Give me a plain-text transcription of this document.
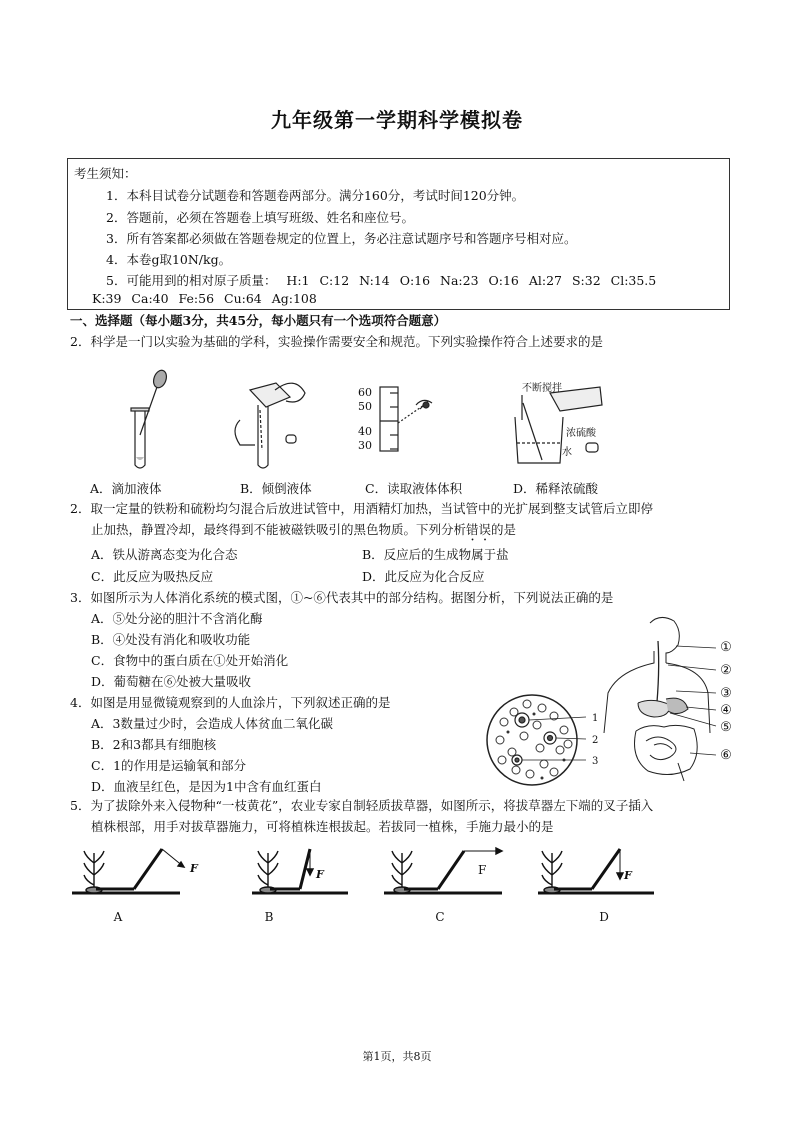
九年级第一学期科学模拟卷
考生须知：
1．本科目试卷分试题卷和答题卷两部分。满分160分，考试时间120分钟。
2．答题前，必须在答题卷上填写班级、姓名和座位号。
3．所有答案都必须做在答题卷规定的位置上，务必注意试题序号和答题序号相对应。
4．本卷g取10N/kg。
5．可能用到的相对原子质量： H:1 C:12 N:14 O:16 Na:23 O:16 Al:27 S:32 Cl:35.5
K:39 Ca:40 Fe:56 Cu:64 Ag:108
一、选择题（每小题3分，共45分，每小题只有一个选项符合题意）
2．科学是一门以实验为基础的学科，实验操作需要安全和规范。下列实验操作符合上述要求的是
60
50
40
30
不断搅拌
浓硫酸
水
A．滴加液体	B．倾倒液体	C．读取液体体积	D．稀释浓硫酸
2．取一定量的铁粉和硫粉均匀混合后放进试管中，用酒精灯加热，当试管中的光扩展到整支试管后立即停
止加热，静置冷却，最终得到不能被磁铁吸引的黑色物质。下列分析错误的是
A．铁从游离态变为化合态	B．反应后的生成物属于盐
C．此反应为吸热反应	D．此反应为化合反应
3．如图所示为人体消化系统的模式图，①~⑥代表其中的部分结构。据图分析，下列说法正确的是
A．⑤处分泌的胆汁不含消化酶
B．④处没有消化和吸收功能
C．食物中的蛋白质在①处开始消化
D．葡萄糖在⑥处被大量吸收
①
②
③
④
⑤
⑥
4．如图是用显微镜观察到的人血涂片，下列叙述正确的是
A．3数量过少时，会造成人体贫血二氧化碳
B．2和3都具有细胞核
C．1的作用是运输氧和部分
D．血液呈红色，是因为1中含有血红蛋白
1
2
3
5．为了拔除外来入侵物种“一枝黄花”，农业专家自制轻质拔草器，如图所示，将拔草器左下端的叉子插入
植株根部，用手对拔草器施力，可将植株连根拔起。若拔同一植株，手施力最小的是
F
A
F
B
F
C
F
D
第1页，共8页
